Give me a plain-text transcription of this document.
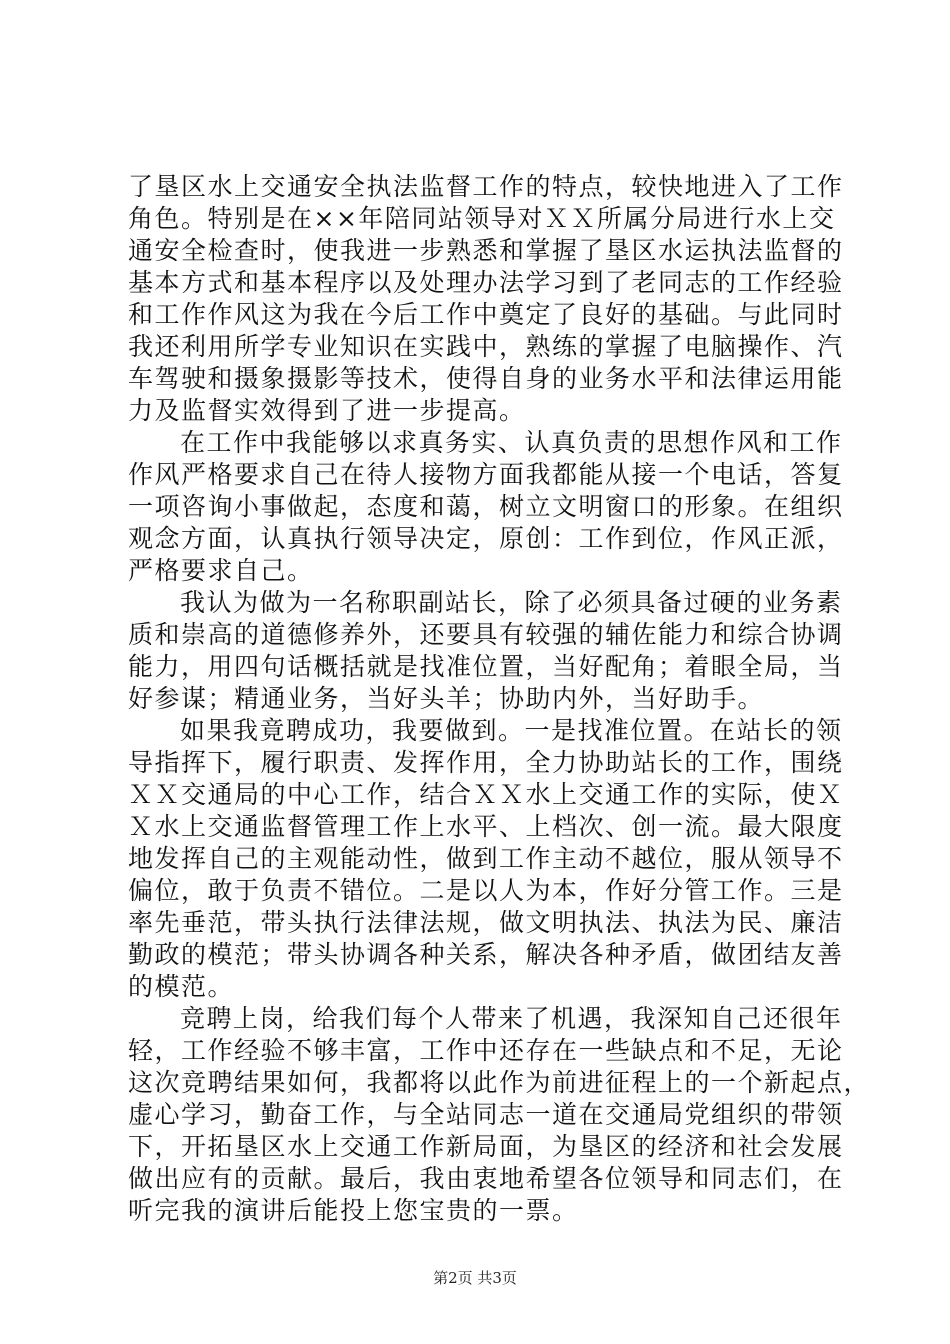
了垦区水上交通安全执法监督工作的特点，较快地进入了工作
角色。特别是在××年陪同站领导对ＸＸ所属分局进行水上交
通安全检查时，使我进一步熟悉和掌握了垦区水运执法监督的
基本方式和基本程序以及处理办法学习到了老同志的工作经验
和工作作风这为我在今后工作中奠定了良好的基础。与此同时
我还利用所学专业知识在实践中，熟练的掌握了电脑操作、汽
车驾驶和摄象摄影等技术，使得自身的业务水平和法律运用能
力及监督实效得到了进一步提高。
在工作中我能够以求真务实、认真负责的思想作风和工作
作风严格要求自己在待人接物方面我都能从接一个电话，答复
一项咨询小事做起，态度和蔼，树立文明窗口的形象。在组织
观念方面，认真执行领导决定，原创：工作到位，作风正派，
严格要求自己。
我认为做为一名称职副站长，除了必须具备过硬的业务素
质和崇高的道德修养外，还要具有较强的辅佐能力和综合协调
能力，用四句话概括就是找准位置，当好配角；着眼全局，当
好参谋；精通业务，当好头羊；协助内外，当好助手。
如果我竟聘成功，我要做到。一是找准位置。在站长的领
导指挥下，履行职责、发挥作用，全力协助站长的工作，围绕
ＸＸ交通局的中心工作，结合ＸＸ水上交通工作的实际，使Ｘ
Ｘ水上交通监督管理工作上水平、上档次、创一流。最大限度
地发挥自己的主观能动性，做到工作主动不越位，服从领导不
偏位，敢于负责不错位。二是以人为本，作好分管工作。三是
率先垂范，带头执行法律法规，做文明执法、执法为民、廉洁
勤政的模范；带头协调各种关系，解决各种矛盾，做团结友善
的模范。
竞聘上岗，给我们每个人带来了机遇，我深知自己还很年
轻，工作经验不够丰富，工作中还存在一些缺点和不足，无论
这次竞聘结果如何，我都将以此作为前进征程上的一个新起点，
虚心学习，勤奋工作，与全站同志一道在交通局党组织的带领
下，开拓垦区水上交通工作新局面，为垦区的经济和社会发展
做出应有的贡献。最后，我由衷地希望各位领导和同志们，在
听完我的演讲后能投上您宝贵的一票。
第2页 共3页
